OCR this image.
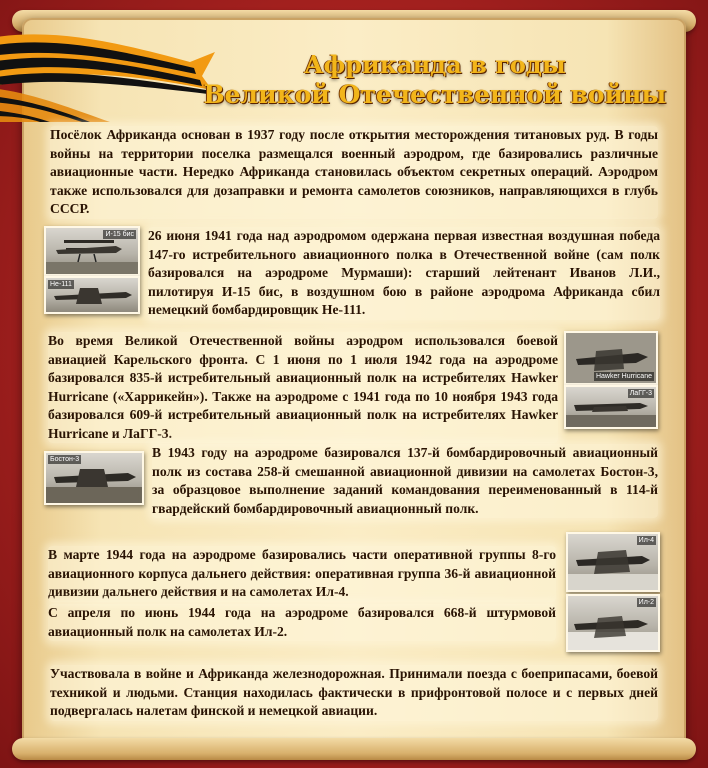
Африканда в годы
Великой Отечественной войны
Посёлок Африканда основан в 1937 году после открытия месторождения титановых руд. В годы войны на территории поселка размещался военный аэродром, где базировались различные авиационные части. Нередко Африканда становилась объектом секретных операций. Аэродром также использовался для дозаправки и ремонта самолетов союзников, направляющихся в глубь СССР.
И-15 бис
Не-111
26 июня 1941 года над аэродромом одержана первая известная воздушная победа 147-го истребительного авиационного полка в Отечественной войне (сам полк базировался на аэродроме Мурмаши): старший лейтенант Иванов Л.И., пилотируя И-15 бис, в воздушном бою в районе аэродрома Африканда сбил немецкий бомбардировщик Не-111.
Во время Великой Отечественной войны аэродром использовался боевой авиацией Карельского фронта. С 1 июня по 1 июля 1942 года на аэродроме базировался 835-й истребительный авиационный полк на истребителях Hawker Hurricane («Харрикейн»). Также на аэродроме с 1941 года по 10 ноября 1943 года базировался 609-й истребительный авиационный полк на истребителях Hawker Hurricane и ЛаГГ-3.
Hawker Hurricane
ЛаГГ-3
Бостон-3	В 1943 году на аэродроме базировался 137-й бомбардировочный авиационный полк из состава 258-й смешанной авиационной дивизии на самолетах Бостон-3, за образцовое выполнение заданий командования переименованный в 114-й гвардейский бомбардировочный авиационный полк.
В марте 1944 года на аэродроме базировались части оперативной группы 8-го авиационного корпуса дальнего действия: оперативная группа 36-й авиационной дивизии дальнего действия и на самолетах Ил-4.
С апреля по июнь 1944 года на аэродроме базировался 668-й штурмовой авиационный полк на самолетах Ил-2.
Ил-4
Ил-2
Участвовала в войне и Африканда железнодорожная. Принимали поезда с боеприпасами, боевой техникой и людьми. Станция находилась фактически в прифронтовой полосе и с первых дней подвергалась налетам финской и немецкой авиации.
